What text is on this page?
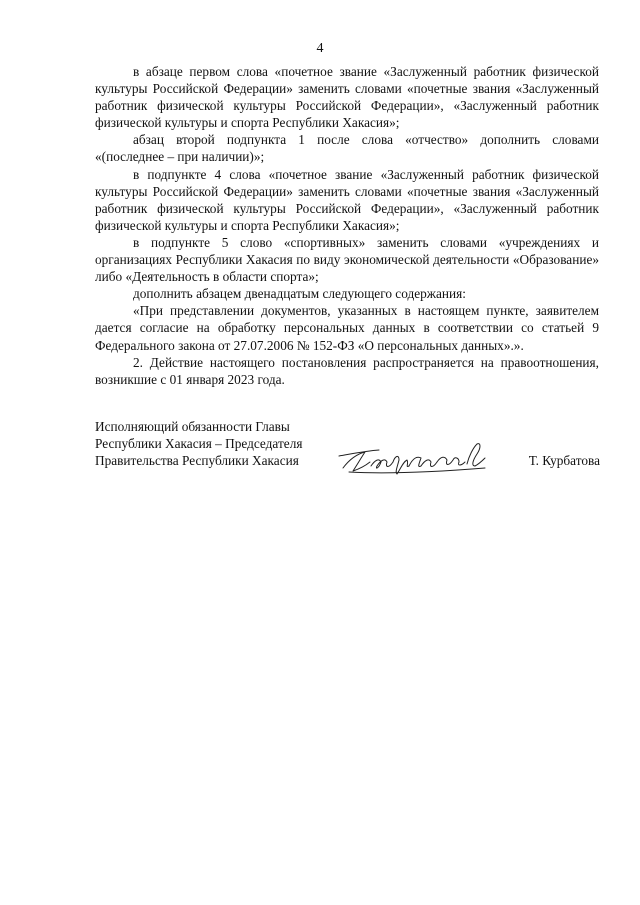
4

в абзаце первом слова «почетное звание «Заслуженный работник физической культуры Российской Федерации» заменить словами «почетные звания «Заслуженный работник физической культуры Российской Федерации», «Заслуженный работник физической культуры и спорта Республики Хакасия»;

абзац второй подпункта 1 после слова «отчество» дополнить словами «(последнее – при наличии)»;

в подпункте 4 слова «почетное звание «Заслуженный работник физической культуры Российской Федерации» заменить словами «почетные звания «Заслуженный работник физической культуры Российской Федерации», «Заслуженный работник физической культуры и спорта Республики Хакасия»;

в подпункте 5 слово «спортивных» заменить словами «учреждениях и организациях Республики Хакасия по виду экономической деятельности «Образование» либо «Деятельность в области спорта»;

дополнить абзацем двенадцатым следующего содержания:

«При представлении документов, указанных в настоящем пункте, заявителем дается согласие на обработку персональных данных в соответствии со статьей 9 Федерального закона от 27.07.2006 № 152-ФЗ «О персональных данных».».

2. Действие настоящего постановления распространяется на правоотношения, возникшие с 01 января 2023 года.

Исполняющий обязанности Главы
Республики Хакасия – Председателя
Правительства Республики Хакасия	Т. Курбатова
